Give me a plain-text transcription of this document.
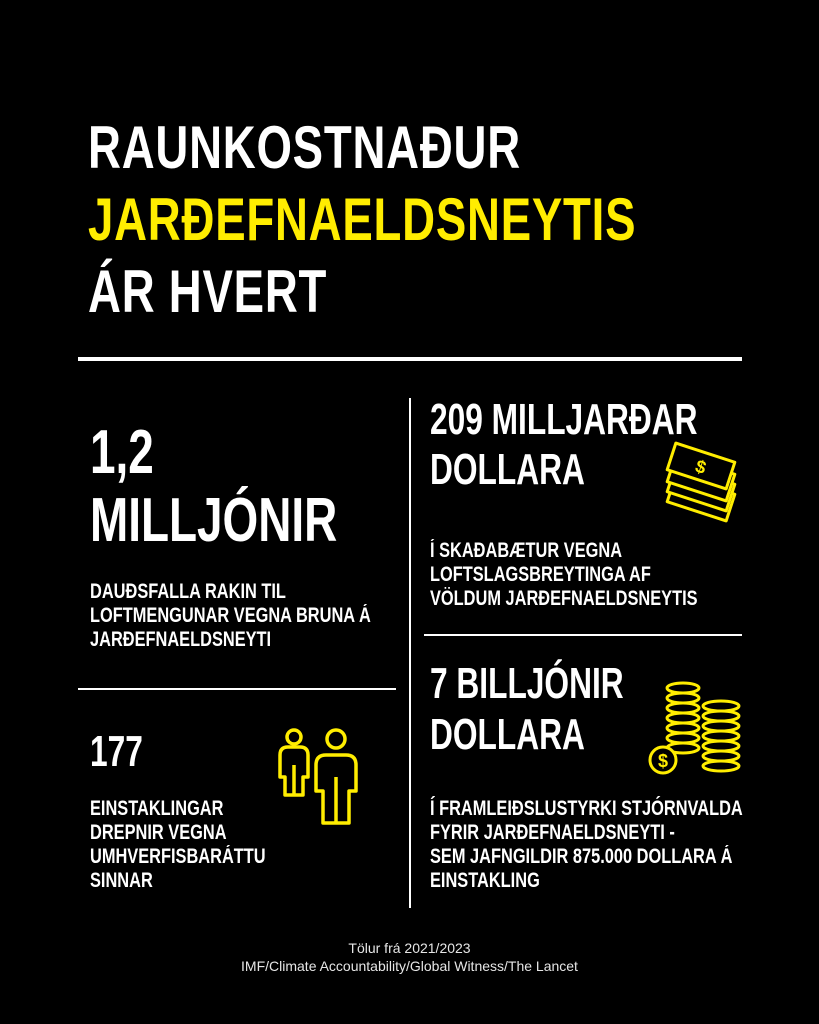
RAUNKOSTNAÐUR
JARÐEFNAELDSNEYTIS
ÁR HVERT
1,2
MILLJÓNIR
DAUÐSFALLA RAKIN TIL
LOFTMENGUNAR VEGNA BRUNA Á
JARÐEFNAELDSNEYTI
177
EINSTAKLINGAR
DREPNIR VEGNA
UMHVERFISBARÁTTU
SINNAR
209 MILLJARÐAR
DOLLARA	$
Í SKAÐABÆTUR VEGNA
LOFTSLAGSBREYTINGA AF
VÖLDUM JARÐEFNAELDSNEYTIS
7 BILLJÓNIR
DOLLARA
$
Í FRAMLEIÐSLUSTYRKI STJÓRNVALDA
FYRIR JARÐEFNAELDSNEYTI -
SEM JAFNGILDIR 875.000 DOLLARA Á
EINSTAKLING
Tölur frá 2021/2023
IMF/Climate Accountability/Global Witness/The Lancet
